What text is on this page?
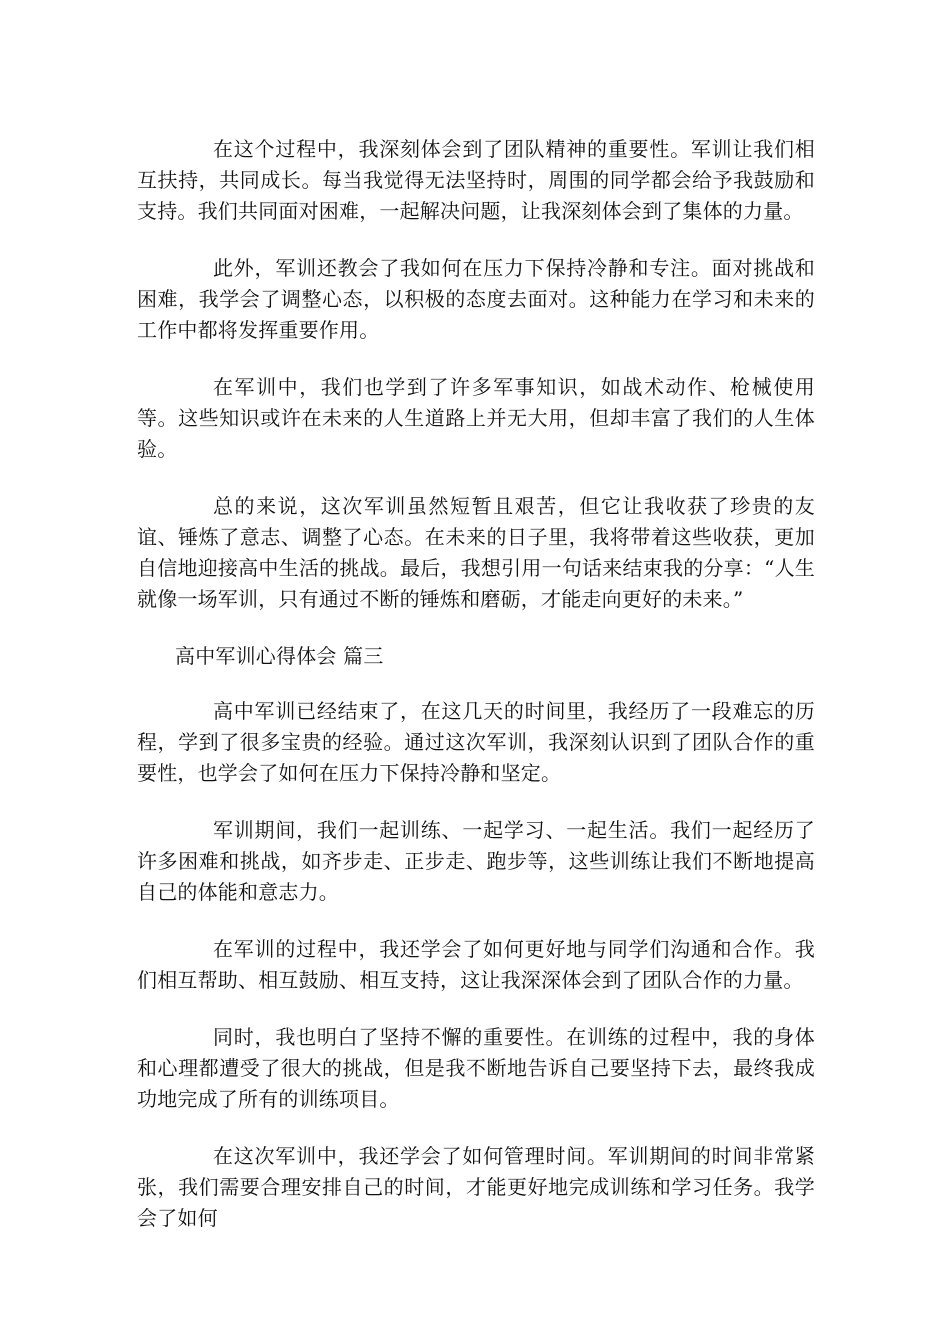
在这个过程中，我深刻体会到了团队精神的重要性。军训让我们相互扶持，共同成长。每当我觉得无法坚持时，周围的同学都会给予我鼓励和支持。我们共同面对困难，一起解决问题，让我深刻体会到了集体的力量。

此外，军训还教会了我如何在压力下保持冷静和专注。面对挑战和困难，我学会了调整心态，以积极的态度去面对。这种能力在学习和未来的工作中都将发挥重要作用。

在军训中，我们也学到了许多军事知识，如战术动作、枪械使用等。这些知识或许在未来的人生道路上并无大用，但却丰富了我们的人生体验。

总的来说，这次军训虽然短暂且艰苦，但它让我收获了珍贵的友谊、锤炼了意志、调整了心态。在未来的日子里，我将带着这些收获，更加自信地迎接高中生活的挑战。最后，我想引用一句话来结束我的分享：“人生就像一场军训，只有通过不断的锤炼和磨砺，才能走向更好的未来。”

高中军训心得体会 篇三

高中军训已经结束了，在这几天的时间里，我经历了一段难忘的历程，学到了很多宝贵的经验。通过这次军训，我深刻认识到了团队合作的重要性，也学会了如何在压力下保持冷静和坚定。

军训期间，我们一起训练、一起学习、一起生活。我们一起经历了许多困难和挑战，如齐步走、正步走、跑步等，这些训练让我们不断地提高自己的体能和意志力。

在军训的过程中，我还学会了如何更好地与同学们沟通和合作。我们相互帮助、相互鼓励、相互支持，这让我深深体会到了团队合作的力量。

同时，我也明白了坚持不懈的重要性。在训练的过程中，我的身体和心理都遭受了很大的挑战，但是我不断地告诉自己要坚持下去，最终我成功地完成了所有的训练项目。

在这次军训中，我还学会了如何管理时间。军训期间的时间非常紧张，我们需要合理安排自己的时间，才能更好地完成训练和学习任务。我学会了如何
